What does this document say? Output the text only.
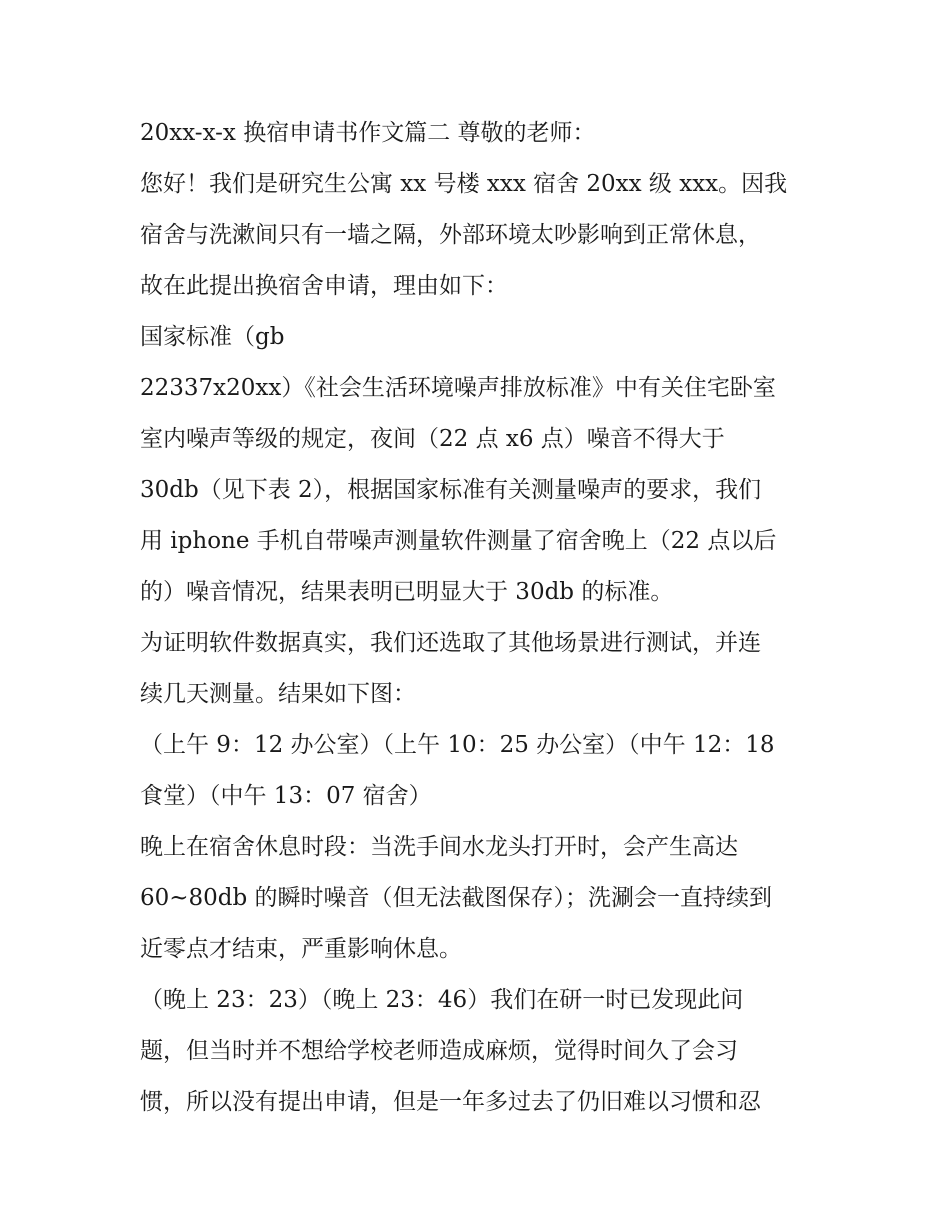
20xx-x-x 换宿申请书作文篇二 尊敬的老师：
您好！我们是研究生公寓 xx 号楼 xxx 宿舍 20xx 级 xxx。因我
宿舍与洗漱间只有一墙之隔，外部环境太吵影响到正常休息，
故在此提出换宿舍申请，理由如下：
国家标准（gb
22337x20xx）《社会生活环境噪声排放标准》中有关住宅卧室
室内噪声等级的规定，夜间（22 点 x6 点）噪音不得大于
30db（见下表 2），根据国家标准有关测量噪声的要求，我们
用 iphone 手机自带噪声测量软件测量了宿舍晚上（22 点以后
的）噪音情况，结果表明已明显大于 30db 的标准。
为证明软件数据真实，我们还选取了其他场景进行测试，并连
续几天测量。结果如下图：
（上午 9：12 办公室）（上午 10：25 办公室）（中午 12：18
食堂）（中午 13：07 宿舍）
晚上在宿舍休息时段：当洗手间水龙头打开时，会产生高达
60~80db 的瞬时噪音（但无法截图保存）；洗涮会一直持续到
近零点才结束，严重影响休息。
（晚上 23：23）（晚上 23：46）我们在研一时已发现此问
题，但当时并不想给学校老师造成麻烦，觉得时间久了会习
惯，所以没有提出申请，但是一年多过去了仍旧难以习惯和忍
